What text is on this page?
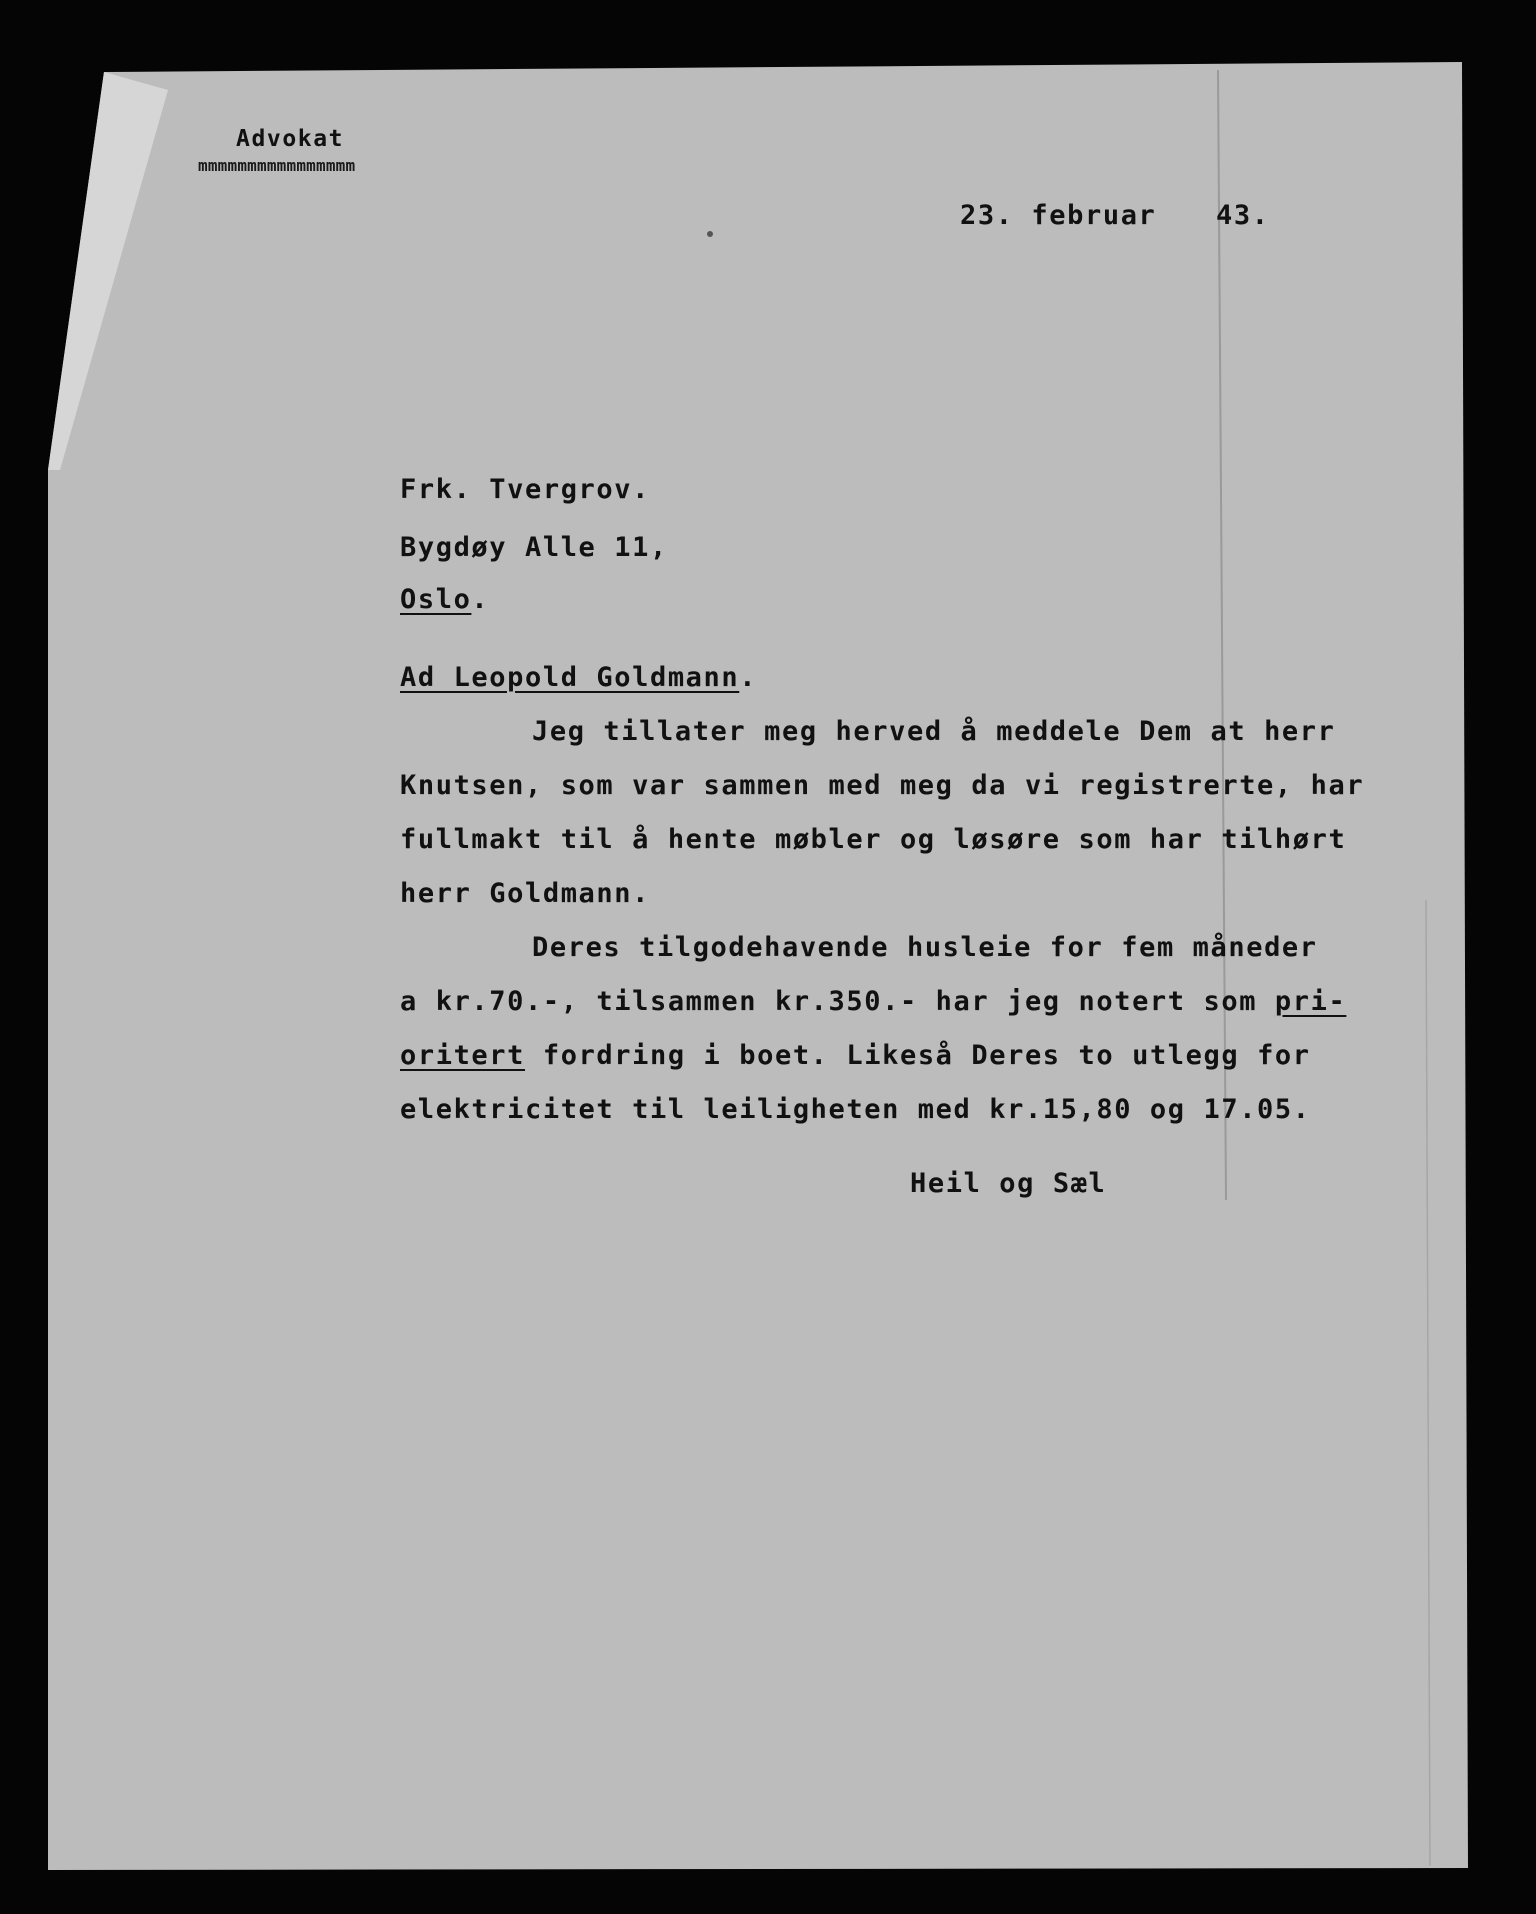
Advokat
mmmmmmmmmmmmmmmm
23. februar 43.
Frk. Tvergrov.
Bygdøy Alle 11,
Oslo.
Ad Leopold Goldmann.
Jeg tillater meg herved å meddele Dem at herr
Knutsen, som var sammen med meg da vi registrerte, har
fullmakt til å hente møbler og løsøre som har tilhørt
herr Goldmann.
Deres tilgodehavende husleie for fem måneder
a kr.70.-, tilsammen kr.350.- har jeg notert som pri-
oritert fordring i boet. Likeså Deres to utlegg for
elektricitet til leiligheten med kr.15,80 og 17.05.
Heil og Sæl
